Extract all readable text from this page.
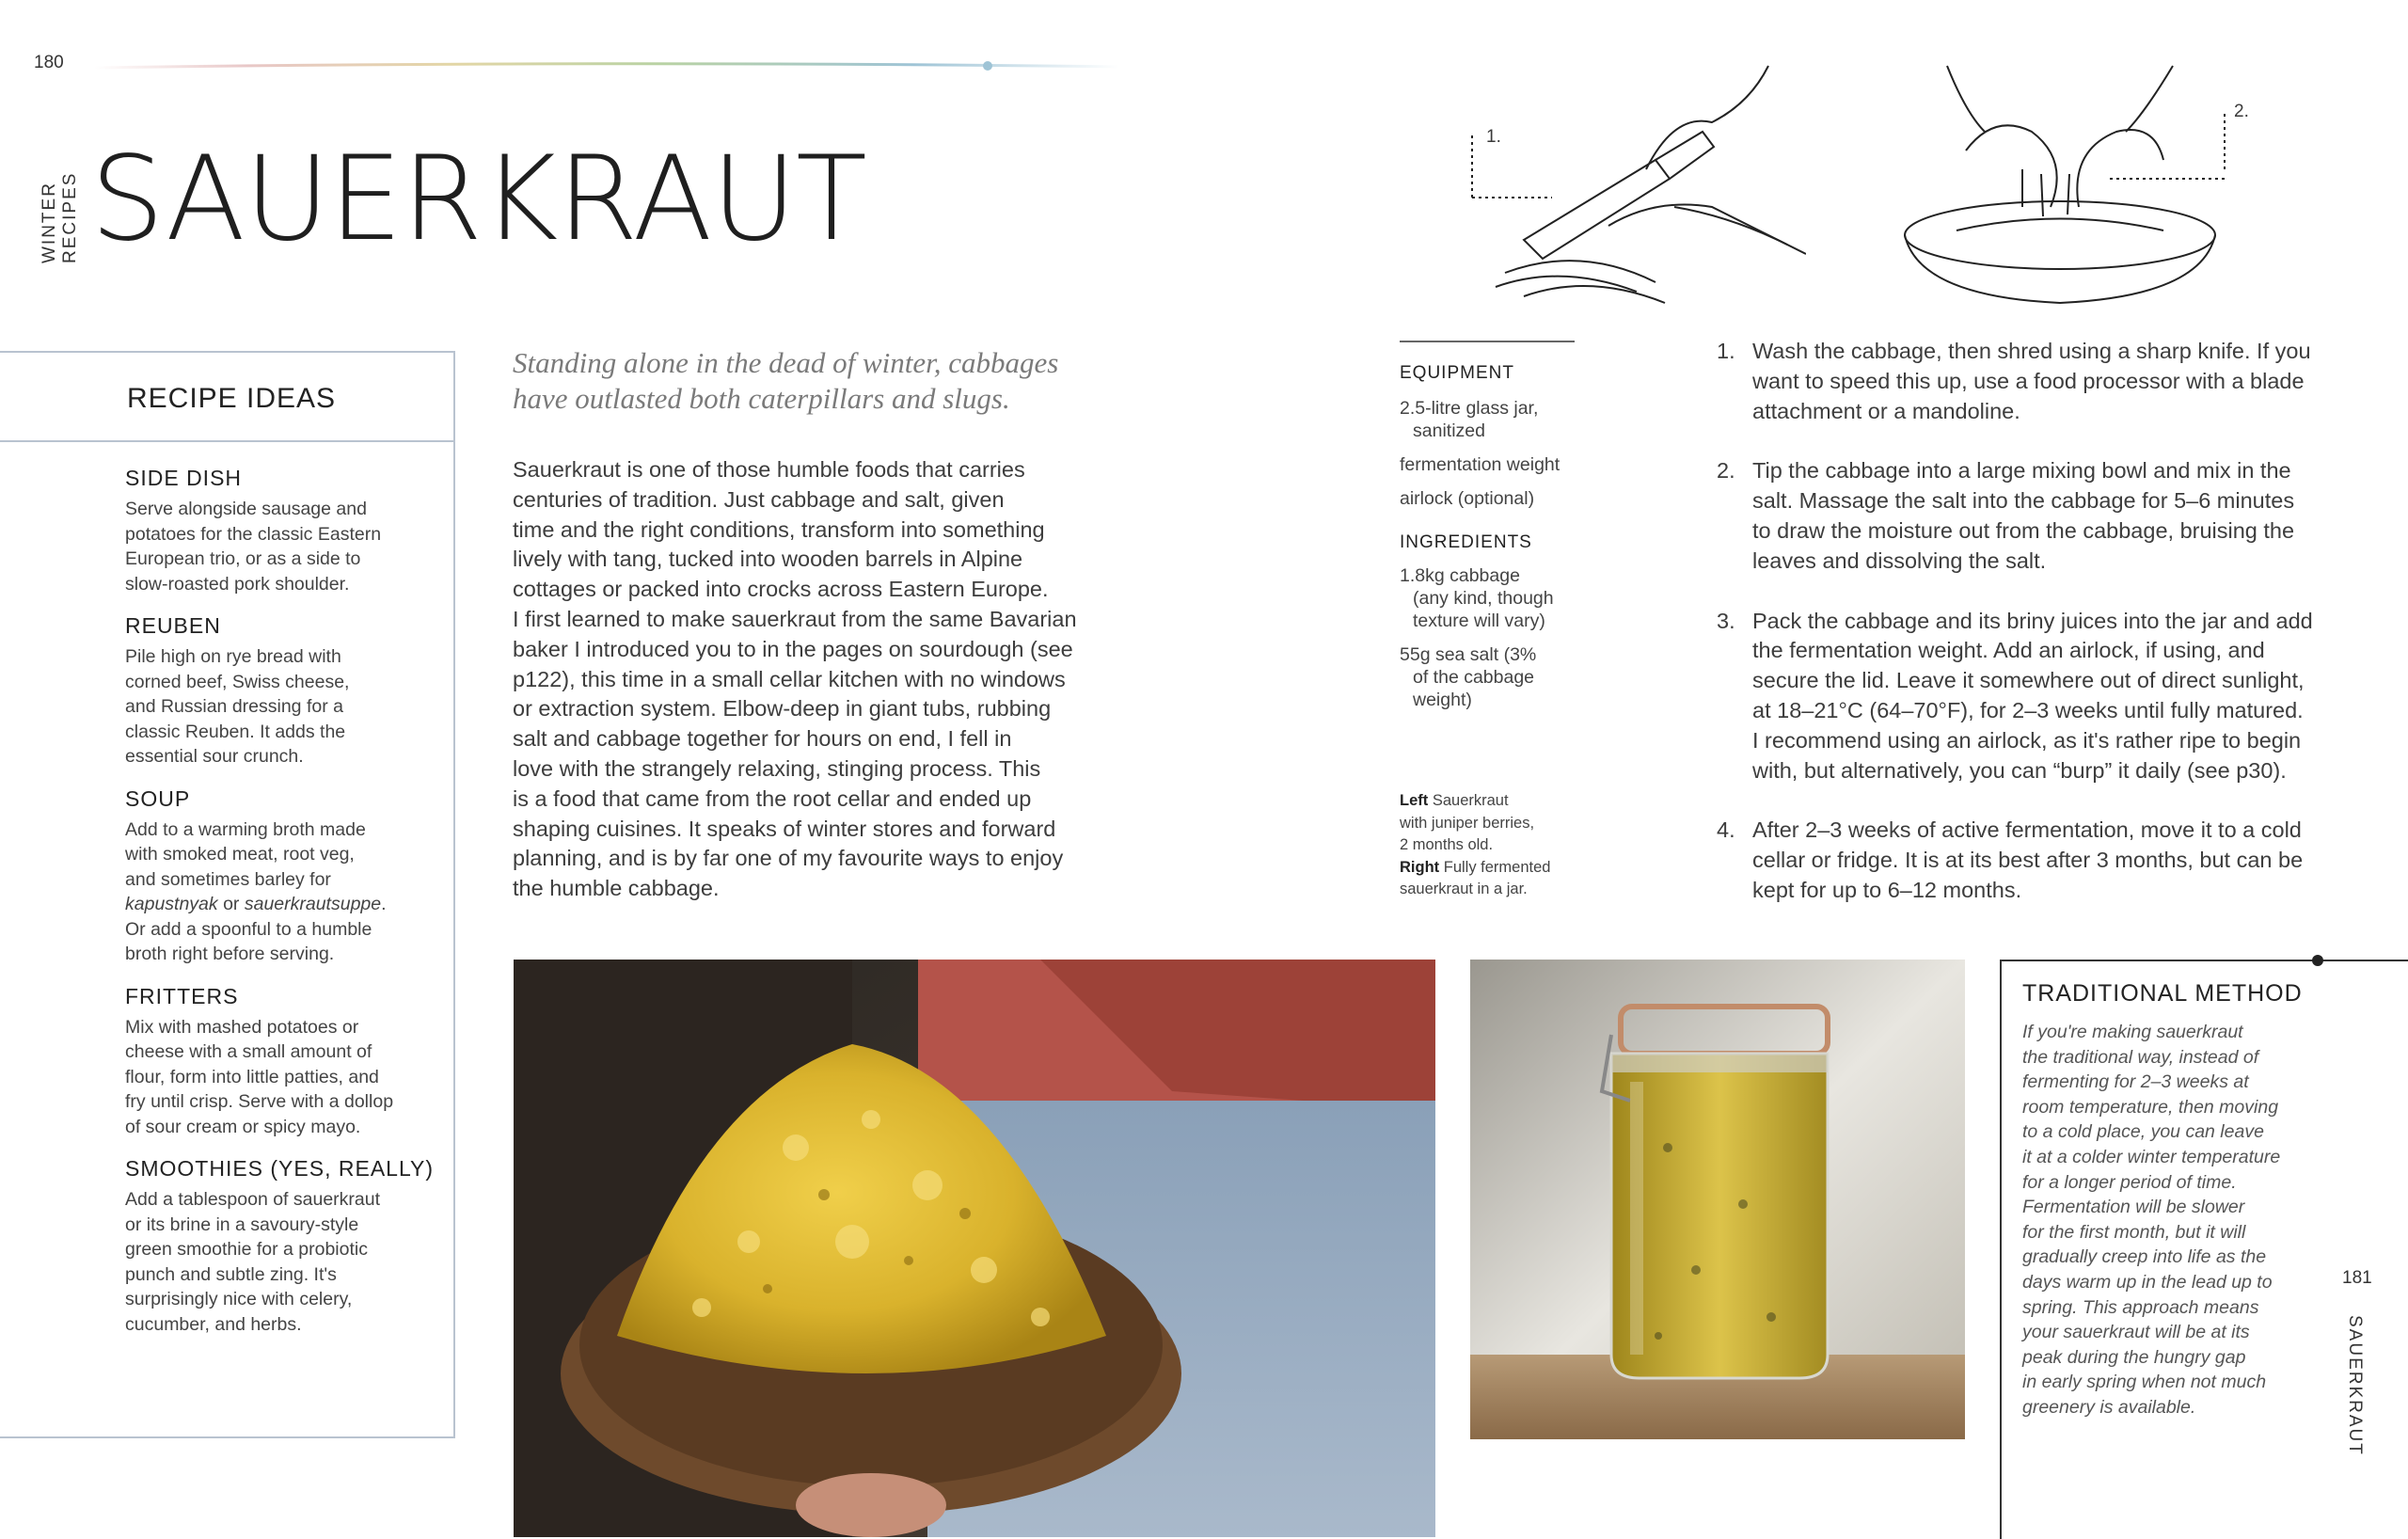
180
WINTER RECIPES SAUERKRAUT
RECIPE IDEAS
SIDE DISH
Serve alongside sausage and
potatoes for the classic Eastern
European trio, or as a side to
slow-roasted pork shoulder.
REUBEN
Pile high on rye bread with
corned beef, Swiss cheese,
and Russian dressing for a
classic Reuben. It adds the
essential sour crunch.
SOUP
Add to a warming broth made
with smoked meat, root veg,
and sometimes barley for
kapustnyak or sauerkrautsuppe.
Or add a spoonful to a humble
broth right before serving.
FRITTERS
Mix with mashed potatoes or
cheese with a small amount of
flour, form into little patties, and
fry until crisp. Serve with a dollop
of sour cream or spicy mayo.
SMOOTHIES (YES, REALLY)
Add a tablespoon of sauerkraut
or its brine in a savoury-style
green smoothie for a probiotic
punch and subtle zing. It's
surprisingly nice with celery,
cucumber, and herbs.
Standing alone in the dead of winter, cabbages
have outlasted both caterpillars and slugs.
Sauerkraut is one of those humble foods that carries
centuries of tradition. Just cabbage and salt, given
time and the right conditions, transform into something
lively with tang, tucked into wooden barrels in Alpine
cottages or packed into crocks across Eastern Europe.
I first learned to make sauerkraut from the same Bavarian
baker I introduced you to in the pages on sourdough (see
p122), this time in a small cellar kitchen with no windows
or extraction system. Elbow-deep in giant tubs, rubbing
salt and cabbage together for hours on end, I fell in
love with the strangely relaxing, stinging process. This
is a food that came from the root cellar and ended up
shaping cuisines. It speaks of winter stores and forward
planning, and is by far one of my favourite ways to enjoy
the humble cabbage.
1.
2.
EQUIPMENT
2.5-litre glass jar,
sanitized
fermentation weight
airlock (optional)
INGREDIENTS
1.8kg cabbage
(any kind, though
texture will vary)
55g sea salt (3%
of the cabbage
weight)
Left Sauerkraut
with juniper berries,
2 months old.
Right Fully fermented
sauerkraut in a jar.
1. Wash the cabbage, then shred using a sharp knife. If you
want to speed this up, use a food processor with a blade
attachment or a mandoline.
2. Tip the cabbage into a large mixing bowl and mix in the
salt. Massage the salt into the cabbage for 5–6 minutes
to draw the moisture out from the cabbage, bruising the
leaves and dissolving the salt.
3. Pack the cabbage and its briny juices into the jar and add
the fermentation weight. Add an airlock, if using, and
secure the lid. Leave it somewhere out of direct sunlight,
at 18–21°C (64–70°F), for 2–3 weeks until fully matured.
I recommend using an airlock, as it's rather ripe to begin
with, but alternatively, you can “burp” it daily (see p30).
4. After 2–3 weeks of active fermentation, move it to a cold
cellar or fridge. It is at its best after 3 months, but can be
kept for up to 6–12 months.
TRADITIONAL METHOD
If you're making sauerkraut
the traditional way, instead of
fermenting for 2–3 weeks at
room temperature, then moving
to a cold place, you can leave
it at a colder winter temperature
for a longer period of time.
Fermentation will be slower
for the first month, but it will
gradually creep into life as the
days warm up in the lead up to
spring. This approach means
your sauerkraut will be at its
peak during the hungry gap
in early spring when not much
greenery is available.
181
SAUERKRAUT
